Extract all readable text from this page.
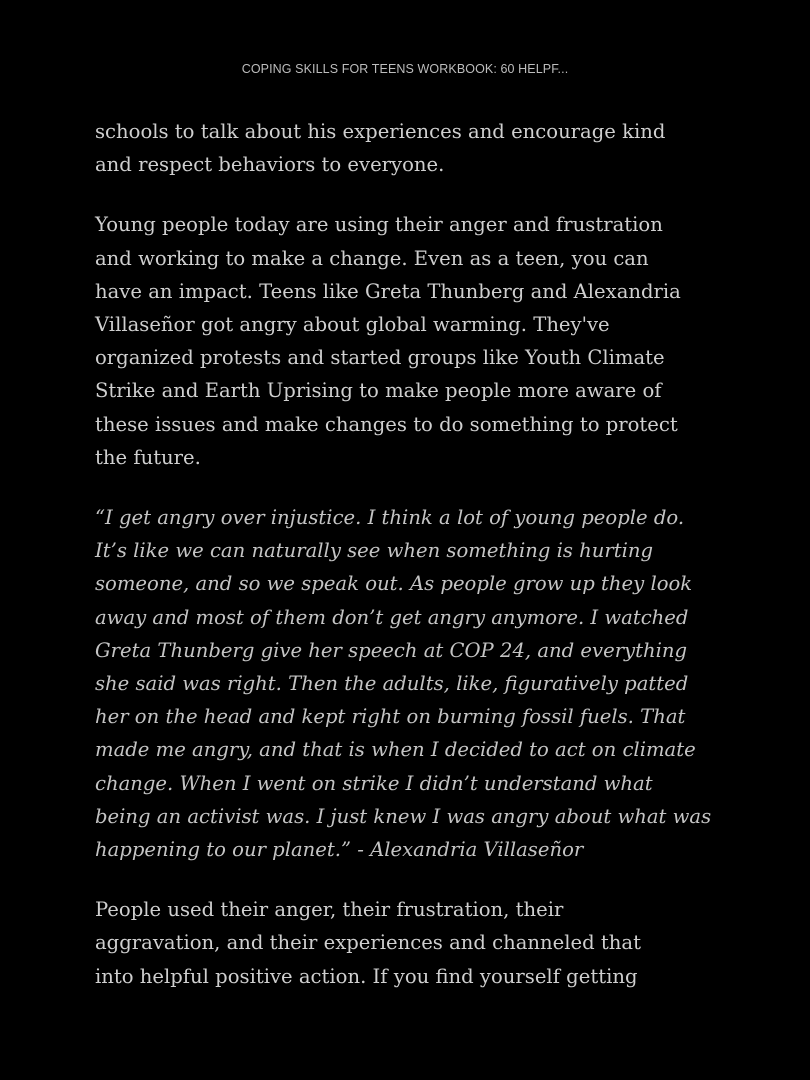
COPING SKILLS FOR TEENS WORKBOOK: 60 HELPF...

schools to talk about his experiences and encourage kind
and respect behaviors to everyone.

Young people today are using their anger and frustration
and working to make a change. Even as a teen, you can
have an impact. Teens like Greta Thunberg and Alexandria
Villaseñor got angry about global warming. They've
organized protests and started groups like Youth Climate
Strike and Earth Uprising to make people more aware of
these issues and make changes to do something to protect
the future.

“I get angry over injustice. I think a lot of young people do.
It’s like we can naturally see when something is hurting
someone, and so we speak out. As people grow up they look
away and most of them don’t get angry anymore. I watched
Greta Thunberg give her speech at COP 24, and everything
she said was right. Then the adults, like, figuratively patted
her on the head and kept right on burning fossil fuels. That
made me angry, and that is when I decided to act on climate
change. When I went on strike I didn’t understand what
being an activist was. I just knew I was angry about what was
happening to our planet.” - Alexandria Villaseñor

People used their anger, their frustration, their
aggravation, and their experiences and channeled that
into helpful positive action. If you find yourself getting
